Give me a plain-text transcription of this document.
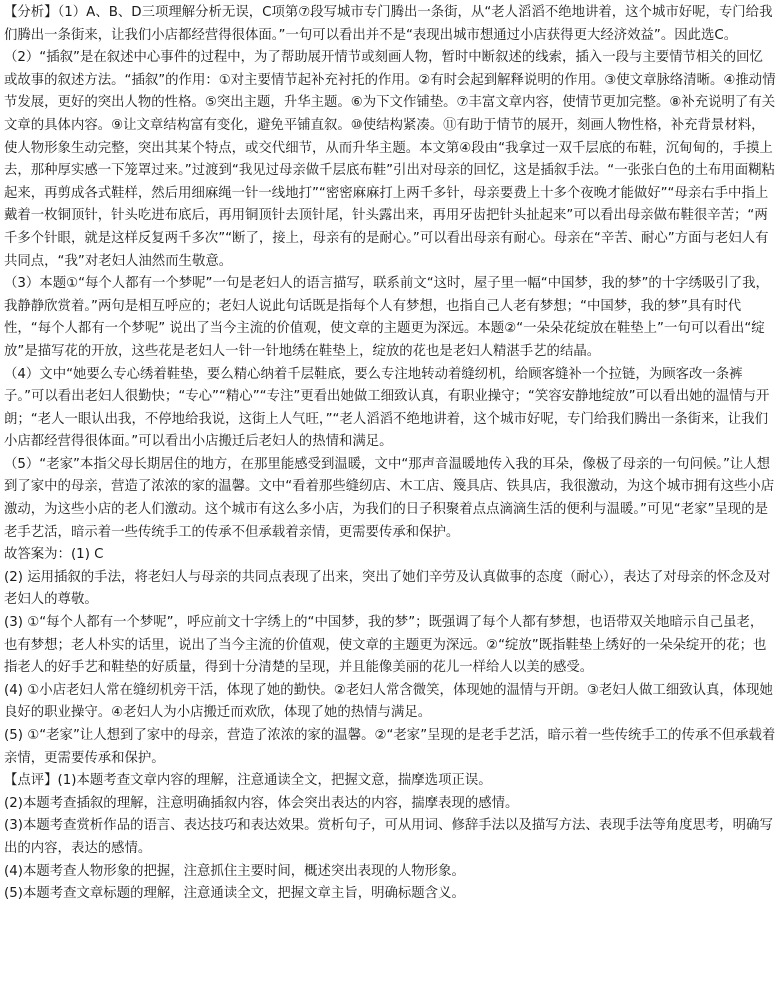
【分析】（1）A、B、D三项理解分析无误，C项第⑦段写城市专门腾出一条街，从“老人滔滔不绝地讲着，这个城市好呢，专门给我们腾出一条街来，让我们小店都经营得很体面。”一句可以看出并不是“表现出城市想通过小店获得更大经济效益”。因此选C。

（2）“插叙”是在叙述中心事件的过程中，为了帮助展开情节或刻画人物，暂时中断叙述的线索，插入一段与主要情节相关的回忆或故事的叙述方法。“插叙”的作用：①对主要情节起补充衬托的作用。②有时会起到解释说明的作用。③使文章脉络清晰。④推动情节发展，更好的突出人物的性格。⑤突出主题，升华主题。⑥为下文作铺垫。⑦丰富文章内容，使情节更加完整。⑧补充说明了有关文章的具体内容。⑨让文章结构富有变化，避免平铺直叙。⑩使结构紧凑。⑪有助于情节的展开，刻画人物性格，补充背景材料，使人物形象生动完整，突出其某个特点，或交代细节，从而升华主题。本文第④段由“我拿过一双千层底的布鞋，沉甸甸的，手摸上去，那种厚实感一下笼罩过来。”过渡到“我见过母亲做千层底布鞋”引出对母亲的回忆，这是插叙手法。“一张张白色的土布用面糊粘起来，再剪成各式鞋样，然后用细麻绳一针一线地打”“密密麻麻打上两千多针，母亲要费上十多个夜晚才能做好”“母亲右手中指上戴着一枚铜顶针，针头吃进布底后，再用铜顶针去顶针尾，针头露出来，再用牙齿把针头扯起来”可以看出母亲做布鞋很辛苦；“两千多个针眼，就是这样反复两千多次”“断了，接上，母亲有的是耐心。”可以看出母亲有耐心。母亲在“辛苦、耐心”方面与老妇人有共同点，“我”对老妇人油然而生敬意。

（3）本题①“每个人都有一个梦呢”一句是老妇人的语言描写，联系前文“这时，屋子里一幅“中国梦，我的梦”的十字绣吸引了我，我静静欣赏着。”两句是相互呼应的；老妇人说此句话既是指每个人有梦想，也指自己人老有梦想；“中国梦，我的梦”具有时代性，“每个人都有一个梦呢” 说出了当今主流的价值观，使文章的主题更为深远。本题②“一朵朵花绽放在鞋垫上”一句可以看出“绽放”是描写花的开放，这些花是老妇人一针一针地绣在鞋垫上，绽放的花也是老妇人精湛手艺的结晶。

（4）文中“她要么专心绣着鞋垫，要么精心纳着千层鞋底，要么专注地转动着缝纫机，给顾客缝补一个拉链，为顾客改一条裤子。”可以看出老妇人很勤快；“专心”“精心”“专注”更看出她做工细致认真，有职业操守；“笑容安静地绽放”可以看出她的温情与开朗；“老人一眼认出我，不停地给我说，这街上人气旺，”“老人滔滔不绝地讲着，这个城市好呢，专门给我们腾出一条街来，让我们小店都经营得很体面。”可以看出小店搬迁后老妇人的热情和满足。

（5）“老家”本指父母长期居住的地方，在那里能感受到温暖，文中“那声音温暖地传入我的耳朵，像极了母亲的一句问候。”让人想到了家中的母亲，营造了浓浓的家的温馨。文中“看着那些缝纫店、木工店、篾具店、铁具店，我很激动，为这个城市拥有这些小店激动，为这些小店的老人们激动。这个城市有这么多小店，为我们的日子积聚着点点滴滴生活的便利与温暖。”可见“老家”呈现的是老手艺活，暗示着一些传统手工的传承不但承载着亲情，更需要传承和保护。

故答案为：(1) C

(2) 运用插叙的手法，将老妇人与母亲的共同点表现了出来，突出了她们辛劳及认真做事的态度（耐心），表达了对母亲的怀念及对老妇人的尊敬。

(3) ①“每个人都有一个梦呢”，呼应前文十字绣上的“中国梦，我的梦”；既强调了每个人都有梦想，也语带双关地暗示自己虽老，也有梦想；老人朴实的话里，说出了当今主流的价值观，使文章的主题更为深远。②“绽放”既指鞋垫上绣好的一朵朵绽开的花；也指老人的好手艺和鞋垫的好质量，得到十分清楚的呈现，并且能像美丽的花儿一样给人以美的感受。

(4) ①小店老妇人常在缝纫机旁干活，体现了她的勤快。②老妇人常含微笑，体现她的温情与开朗。③老妇人做工细致认真，体现她良好的职业操守。④老妇人为小店搬迁而欢欣，体现了她的热情与满足。

(5) ①“老家”让人想到了家中的母亲，营造了浓浓的家的温馨。②“老家”呈现的是老手艺活，暗示着一些传统手工的传承不但承载着亲情，更需要传承和保护。

【点评】(1)本题考查文章内容的理解，注意通读全文，把握文意，揣摩选项正误。

(2)本题考查插叙的理解，注意明确插叙内容，体会突出表达的内容，揣摩表现的感情。

(3)本题考查赏析作品的语言、表达技巧和表达效果。赏析句子，可从用词、修辞手法以及描写方法、表现手法等角度思考，明确写出的内容，表达的感情。

(4)本题考查人物形象的把握，注意抓住主要时间，概述突出表现的人物形象。

(5)本题考查文章标题的理解，注意通读全文，把握文章主旨，明确标题含义。
